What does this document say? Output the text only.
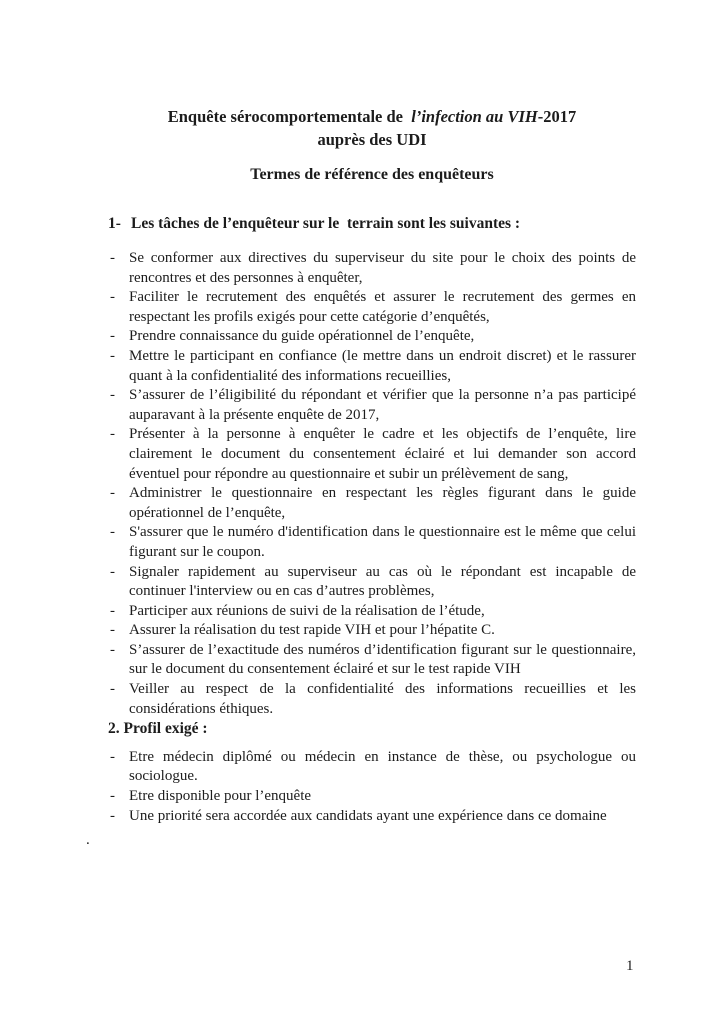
Enquête sérocomportementale de  l’infection au VIH-2017
auprès des UDI
Termes de référence des enquêteurs
1- Les tâches de l’enquêteur sur le  terrain sont les suivantes :
- Se conformer aux directives du superviseur du site pour le choix des points de rencontres et des personnes à enquêter,
- Faciliter le recrutement des enquêtés et assurer le recrutement des germes en respectant les profils exigés pour cette catégorie d’enquêtés,
- Prendre connaissance du guide opérationnel de l’enquête,
- Mettre le participant en confiance (le mettre dans un endroit discret) et le rassurer quant à la confidentialité des informations recueillies,
- S’assurer de l’éligibilité du répondant et vérifier que la personne n’a pas participé auparavant à la présente enquête de 2017,
- Présenter à la personne à enquêter le cadre et les objectifs de l’enquête, lire clairement le document du consentement éclairé et lui demander son accord éventuel pour répondre au questionnaire et subir un prélèvement de sang,
- Administrer le questionnaire en respectant les règles figurant dans le guide opérationnel de l’enquête,
- S'assurer que le numéro d'identification dans le questionnaire est le même que celui figurant sur le coupon.
- Signaler rapidement au superviseur au cas où le répondant est incapable de continuer l'interview ou en cas d’autres problèmes,
- Participer aux réunions de suivi de la réalisation de l’étude,
- Assurer la réalisation du test rapide VIH et pour l’hépatite C.
- S’assurer de l’exactitude des numéros d’identification figurant sur le questionnaire, sur le document du consentement éclairé et sur le test rapide VIH
- Veiller au respect de la confidentialité des informations recueillies et les considérations éthiques.
2. Profil exigé :
- Etre médecin diplômé ou médecin en instance de thèse, ou psychologue ou sociologue.
- Etre disponible pour l’enquête
- Une priorité sera accordée aux candidats ayant une expérience dans ce domaine
.
1
